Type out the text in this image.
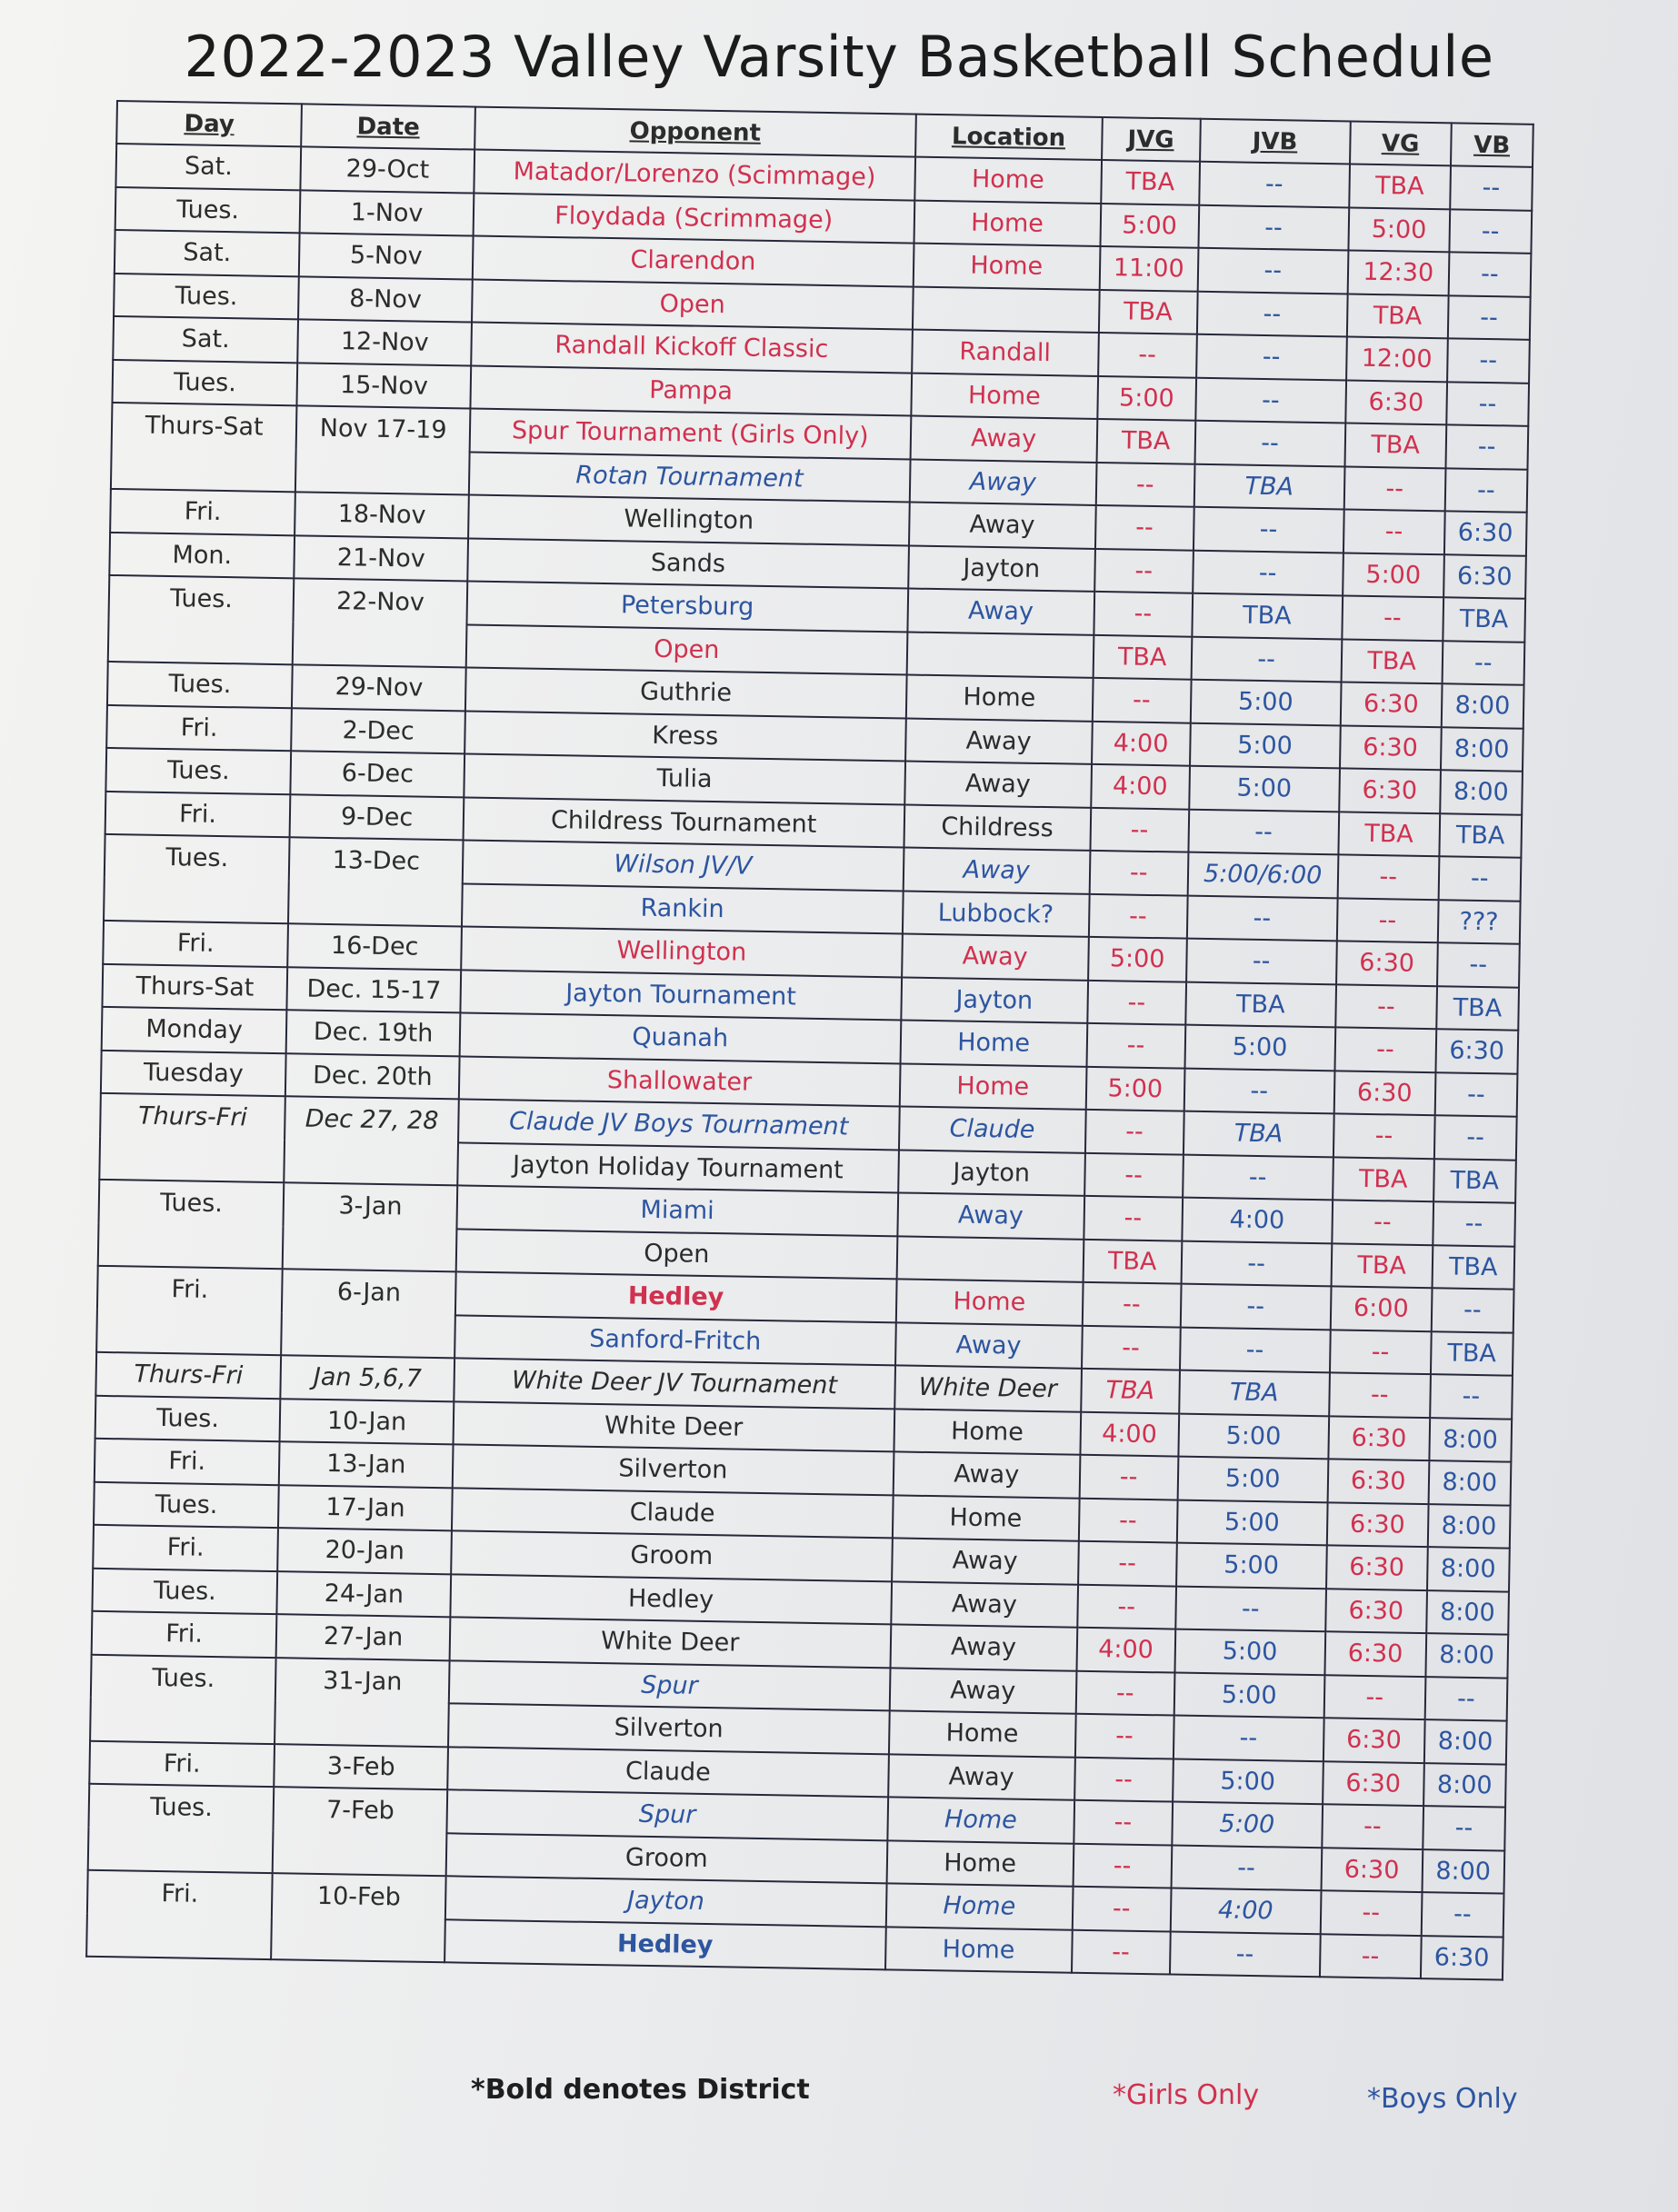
2022-2023 Valley Varsity Basketball Schedule
Day	Date	Opponent	Location	JVG	JVB	VG	VB
Sat.	29-Oct	Matador/Lorenzo (Scimmage)	Home	TBA	--	TBA	--
Tues.	1-Nov	Floydada (Scrimmage)	Home	5:00	--	5:00	--
Sat.	5-Nov	Clarendon	Home	11:00	--	12:30	--
Tues.	8-Nov	Open		TBA	--	TBA	--
Sat.	12-Nov	Randall Kickoff Classic	Randall	--	--	12:00	--
Tues.	15-Nov	Pampa	Home	5:00	--	6:30	--
Thurs-Sat	Nov 17-19	Spur Tournament (Girls Only)	Away	TBA	--	TBA	--
		Rotan Tournament	Away	--	TBA	--	--
Fri.	18-Nov	Wellington	Away	--	--	--	6:30
Mon.	21-Nov	Sands	Jayton	--	--	5:00	6:30
Tues.	22-Nov	Petersburg	Away	--	TBA	--	TBA
		Open		TBA	--	TBA	--
Tues.	29-Nov	Guthrie	Home	--	5:00	6:30	8:00
Fri.	2-Dec	Kress	Away	4:00	5:00	6:30	8:00
Tues.	6-Dec	Tulia	Away	4:00	5:00	6:30	8:00
Fri.	9-Dec	Childress Tournament	Childress	--	--	TBA	TBA
Tues.	13-Dec	Wilson JV/V	Away	--	5:00/6:00	--	--
		Rankin	Lubbock?	--	--	--	???
Fri.	16-Dec	Wellington	Away	5:00	--	6:30	--
Thurs-Sat	Dec. 15-17	Jayton Tournament	Jayton	--	TBA	--	TBA
Monday	Dec. 19th	Quanah	Home	--	5:00	--	6:30
Tuesday	Dec. 20th	Shallowater	Home	5:00	--	6:30	--
Thurs-Fri	Dec 27, 28	Claude JV Boys Tournament	Claude	--	TBA	--	--
		Jayton Holiday Tournament	Jayton	--	--	TBA	TBA
Tues.	3-Jan	Miami	Away	--	4:00	--	--
		Open		TBA	--	TBA	TBA
Fri.	6-Jan	Hedley	Home	--	--	6:00	--
		Sanford-Fritch	Away	--	--	--	TBA
Thurs-Fri	Jan 5,6,7	White Deer JV Tournament	White Deer	TBA	TBA	--	--
Tues.	10-Jan	White Deer	Home	4:00	5:00	6:30	8:00
Fri.	13-Jan	Silverton	Away	--	5:00	6:30	8:00
Tues.	17-Jan	Claude	Home	--	5:00	6:30	8:00
Fri.	20-Jan	Groom	Away	--	5:00	6:30	8:00
Tues.	24-Jan	Hedley	Away	--	--	6:30	8:00
Fri.	27-Jan	White Deer	Away	4:00	5:00	6:30	8:00
Tues.	31-Jan	Spur	Away	--	5:00	--	--
		Silverton	Home	--	--	6:30	8:00
Fri.	3-Feb	Claude	Away	--	5:00	6:30	8:00
Tues.	7-Feb	Spur	Home	--	5:00	--	--
		Groom	Home	--	--	6:30	8:00
Fri.	10-Feb	Jayton	Home	--	4:00	--	--
		Hedley	Home	--	--	--	6:30
*Bold denotes District	*Girls Only	*Boys Only
